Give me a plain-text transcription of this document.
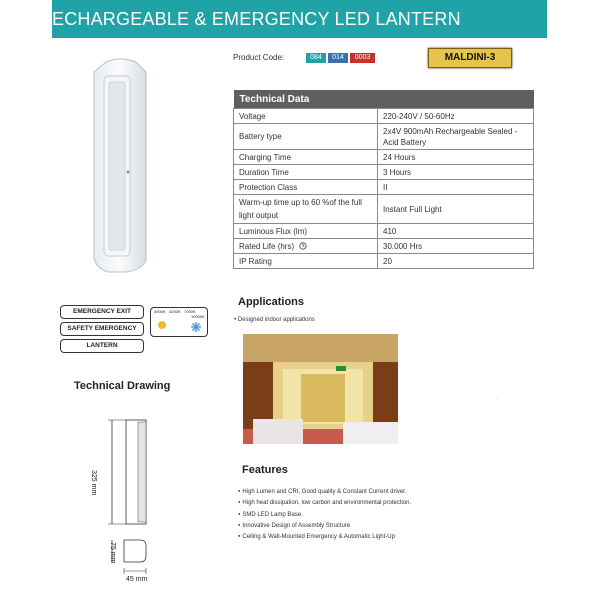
ECHARGEABLE & EMERGENCY LED LANTERN
Product Code:	084	014	0003	MALDINI-3
Technical Data	
Voltage	220-240V / 50-60Hz
Battery type	2x4V 900mAh Rechargeable Sealed -Acid Battery
Charging Time	24 Hours
Duration Time	3 Hours
Protection Class	II
Warm-up time up to 60 %of the full light output	Instant Full Light
Luminous Flux (lm)	410
Rated Life (hrs)	30.000 Hrs
IP Rating	20
EMERGENCY EXIT
SAFETY EMERGENCY
LANTERN
3000K 4200K 7000K
10000K
Applications
• Designed indoor applications
·
Technical Drawing
325 mm
75 mm
45 mm
Features
● High Lumen and CRI, Good quality & Constant Current driver.
● High heat dissipation, low carbon and environmental protection.
● SMD LED Lamp Base.
● Innovative Design of Assembly Structure
● Ceiling & Wall-Mounted Emergency & Automatic Light-Up
